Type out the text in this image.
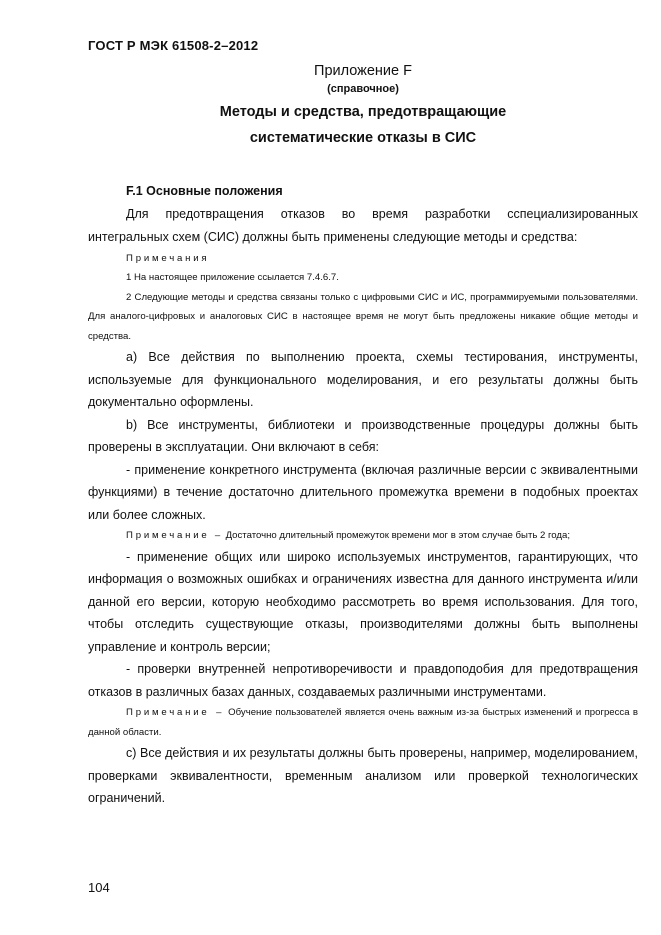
ГОСТ Р МЭК 61508-2–2012
Приложение F
(справочное)
Методы и средства, предотвращающие
систематические отказы в СИС
F.1 Основные положения

Для предотвращения отказов во время разработки сспециализированных интегральных схем (СИС) должны быть применены следующие методы и средства:

Примечания

1 На настоящее приложение ссылается 7.4.6.7.

2 Следующие методы и средства связаны только с цифровыми СИС и ИС, программируемыми пользователями. Для аналого-цифровых и аналоговых СИС в настоящее время не могут быть предложены никакие общие методы и средства.

а) Все действия по выполнению проекта, схемы тестирования, инструменты, используемые для функционального моделирования, и его результаты должны быть документально оформлены.

b) Все инструменты, библиотеки и производственные процедуры должны быть проверены в эксплуатации. Они включают в себя:

- применение конкретного инструмента (включая различные версии с эквивалентными функциями) в течение достаточно длительного промежутка времени в подобных проектах или более сложных.

Примечание – Достаточно длительный промежуток времени мог в этом случае быть 2 года;

- применение общих или широко используемых инструментов, гарантирующих, что информация о возможных ошибках и ограничениях известна для данного инструмента и/или данной его версии, которую необходимо рассмотреть во время использования. Для того, чтобы отследить существующие отказы, производителями должны быть выполнены управление и контроль версии;

- проверки внутренней непротиворечивости и правдоподобия для предотвращения отказов в различных базах данных, создаваемых различными инструментами.

Примечание – Обучение пользователей является очень важным из-за быстрых изменений и прогресса в данной области.

с) Все действия и их результаты должны быть проверены, например, моделированием, проверками эквивалентности, временным анализом или проверкой технологических ограничений.

104
